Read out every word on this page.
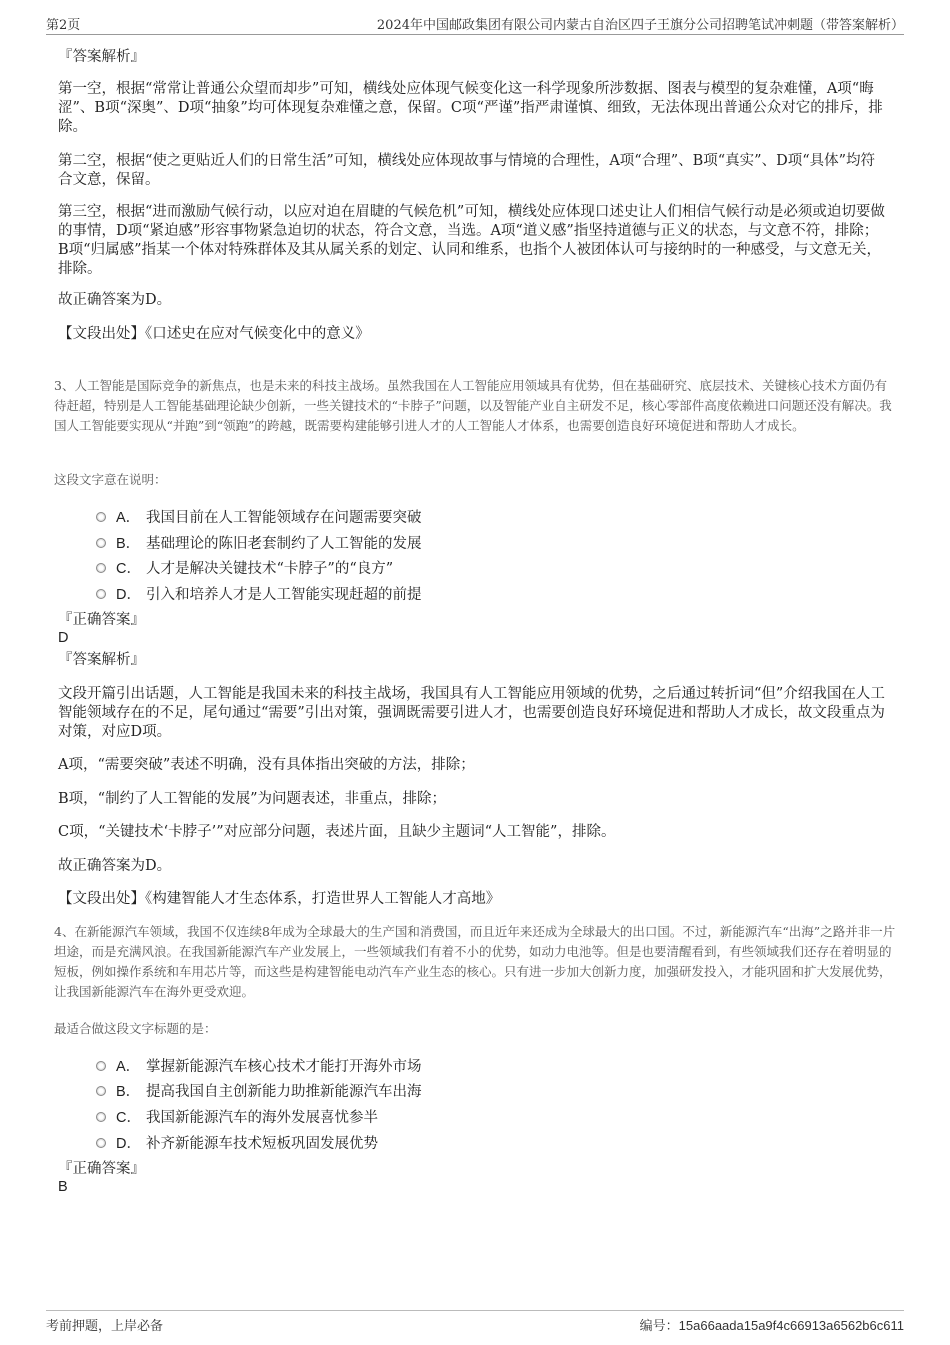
第2页	2024年中国邮政集团有限公司内蒙古自治区四子王旗分公司招聘笔试冲刺题（带答案解析）
『答案解析』
第一空，根据“常常让普通公众望而却步”可知，横线处应体现气候变化这一科学现象所涉数据、图表与模型的复杂难懂，A项“晦涩”、B项“深奥”、D项“抽象”均可体现复杂难懂之意，保留。C项“严谨”指严肃谨慎、细致，无法体现出普通公众对它的排斥，排除。
第二空，根据“使之更贴近人们的日常生活”可知，横线处应体现故事与情境的合理性，A项“合理”、B项“真实”、D项“具体”均符合文意，保留。
第三空，根据“进而激励气候行动，以应对迫在眉睫的气候危机”可知，横线处应体现口述史让人们相信气候行动是必须或迫切要做的事情，D项“紧迫感”形容事物紧急迫切的状态，符合文意，当选。A项“道义感”指坚持道德与正义的状态，与文意不符，排除；B项“归属感”指某一个体对特殊群体及其从属关系的划定、认同和维系，也指个人被团体认可与接纳时的一种感受，与文意无关，排除。
故正确答案为D。
【文段出处】《口述史在应对气候变化中的意义》
3、人工智能是国际竞争的新焦点，也是未来的科技主战场。虽然我国在人工智能应用领域具有优势，但在基础研究、底层技术、关键核心技术方面仍有待赶超，特别是人工智能基础理论缺少创新，一些关键技术的“卡脖子”问题，以及智能产业自主研发不足，核心零部件高度依赖进口问题还没有解决。我国人工智能要实现从“并跑”到“领跑”的跨越，既需要构建能够引进人才的人工智能人才体系，也需要创造良好环境促进和帮助人才成长。
这段文字意在说明：
A． 我国目前在人工智能领域存在问题需要突破
B． 基础理论的陈旧老套制约了人工智能的发展
C． 人才是解决关键技术“卡脖子”的“良方”
D． 引入和培养人才是人工智能实现赶超的前提
『正确答案』
D
『答案解析』
文段开篇引出话题，人工智能是我国未来的科技主战场，我国具有人工智能应用领域的优势，之后通过转折词“但”介绍我国在人工智能领域存在的不足，尾句通过“需要”引出对策，强调既需要引进人才，也需要创造良好环境促进和帮助人才成长，故文段重点为对策，对应D项。
A项，“需要突破”表述不明确，没有具体指出突破的方法，排除；
B项，“制约了人工智能的发展”为问题表述，非重点，排除；
C项，“关键技术‘卡脖子’”对应部分问题，表述片面，且缺少主题词“人工智能”，排除。
故正确答案为D。
【文段出处】《构建智能人才生态体系，打造世界人工智能人才高地》
4、在新能源汽车领域，我国不仅连续8年成为全球最大的生产国和消费国，而且近年来还成为全球最大的出口国。不过，新能源汽车“出海”之路并非一片坦途，而是充满风浪。在我国新能源汽车产业发展上，一些领域我们有着不小的优势，如动力电池等。但是也要清醒看到，有些领域我们还存在着明显的短板，例如操作系统和车用芯片等，而这些是构建智能电动汽车产业生态的核心。只有进一步加大创新力度，加强研发投入，才能巩固和扩大发展优势，让我国新能源汽车在海外更受欢迎。
最适合做这段文字标题的是：
A． 掌握新能源汽车核心技术才能打开海外市场
B． 提高我国自主创新能力助推新能源汽车出海
C． 我国新能源汽车的海外发展喜忧参半
D． 补齐新能源车技术短板巩固发展优势
『正确答案』
B
考前押题，上岸必备	编号：15a66aada15a9f4c66913a6562b6c611
